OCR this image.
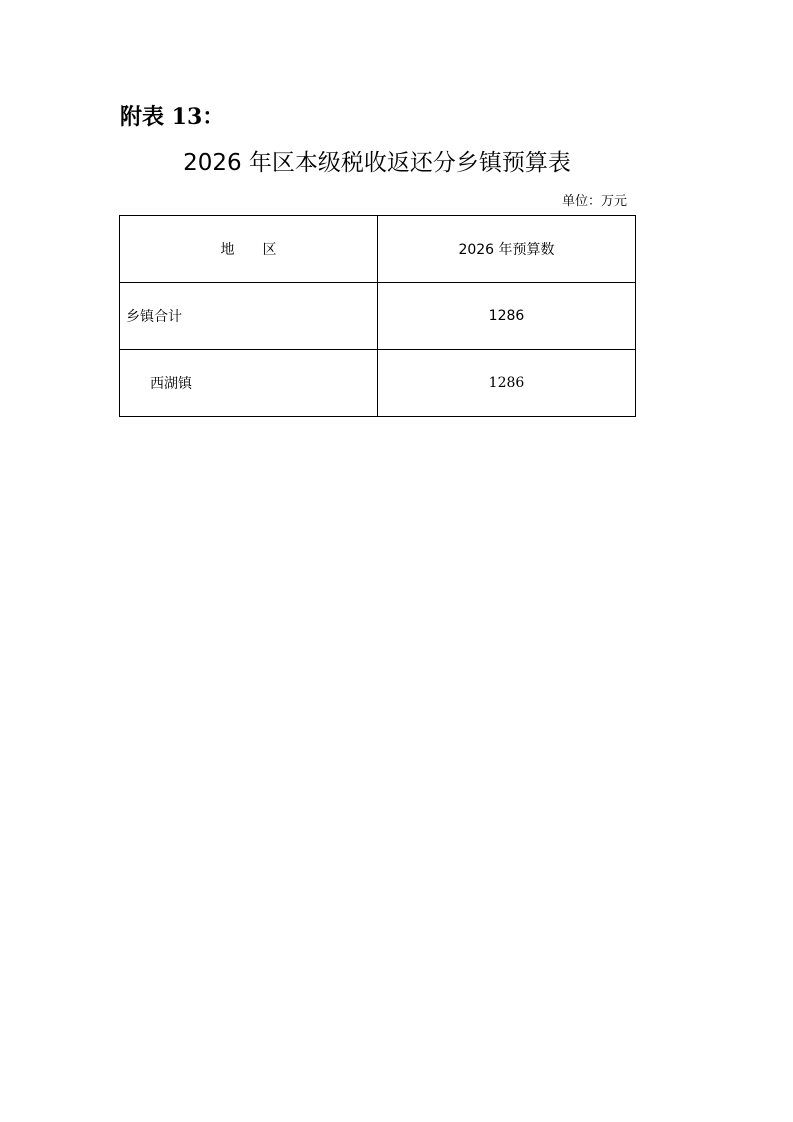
附表 13：
2026 年区本级税收返还分乡镇预算表
单位：万元
地　　区	2026 年预算数
乡镇合计	1286
西湖镇	1286
